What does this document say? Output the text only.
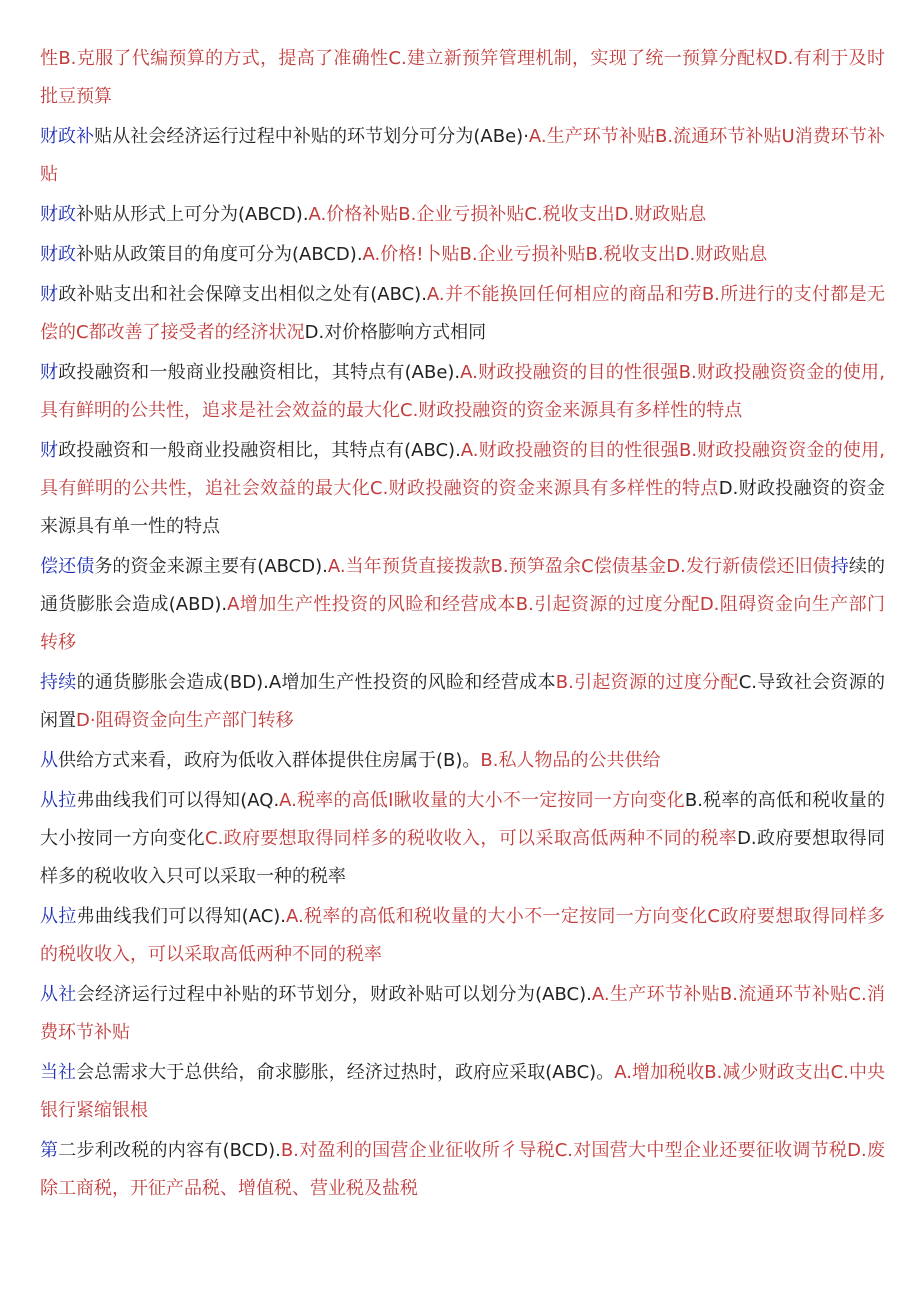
性B.克服了代编预算的方式，提高了准确性C.建立新预笄管理机制，实现了统一预算分配权D.有利于及时批豆预算

财政补贴从社会经济运行过程中补贴的环节划分可分为(ABe)·A.生产环节补贴B.流通环节补贴U消费环节补贴

财政补贴从形式上可分为(ABCD).A.价格补贴B.企业亏损补贴C.税收支出D.财政贴息

财政补贴从政策目的角度可分为(ABCD).A.价格!卜贴B.企业亏损补贴B.税收支出D.财政贴息

财政补贴支出和社会保障支出相似之处有(ABC).A.并不能换回任何相应的商品和劳B.所进行的支付都是无偿的C都改善了接受者的经济状况D.对价格膨响方式相同

财政投融资和一般商业投融资相比，其特点有(ABe).A.财政投融资的目的性很强B.财政投融资资金的使用,具有鲜明的公共性，追求是社会效益的最大化C.财政投融资的资金来源具有多样性的特点

财政投融资和一般商业投融资相比，其特点有(ABC).A.财政投融资的目的性很强B.财政投融资资金的使用,具有鲜明的公共性，追社会效益的最大化C.财政投融资的资金来源具有多样性的特点D.财政投融资的资金来源具有单一性的特点

偿还债务的资金来源主要有(ABCD).A.当年预货直接拨款B.预笋盈余C偿债基金D.发行新债偿还旧债持续的通货膨胀会造成(ABD).A增加生产性投资的风睑和经营成本B.引起资源的过度分配D.阻碍资金向生产部门转移

持续的通货膨胀会造成(BD).A增加生产性投资的风睑和经营成本B.引起资源的过度分配C.导致社会资源的闲置D·阻碍资金向生产部门转移

从供给方式来看，政府为低收入群体提供住房属于(B)。B.私人物品的公共供给

从拉弗曲线我们可以得知(AQ.A.税率的高低I瞅收量的大小不一定按同一方向变化B.税率的高低和税收量的大小按同一方向变化C.政府要想取得同样多的税收收入，可以采取高低两种不同的税率D.政府要想取得同样多的税收收入只可以采取一种的税率

从拉弗曲线我们可以得知(AC).A.税率的高低和税收量的大小不一定按同一方向变化C政府要想取得同样多的税收收入，可以采取高低两种不同的税率

从社会经济运行过程中补贴的环节划分，财政补贴可以划分为(ABC).A.生产环节补贴B.流通环节补贴C.消费环节补贴

当社会总需求大于总供给，俞求膨胀，经济过热时，政府应采取(ABC)。A.增加税收B.减少财政支出C.中央银行紧缩银根

第二步利改税的内容有(BCD).B.对盈利的国营企业征收所彳导税C.对国营大中型企业还要征收调节税D.废除工商税，开征产品税、增值税、营业税及盐税
